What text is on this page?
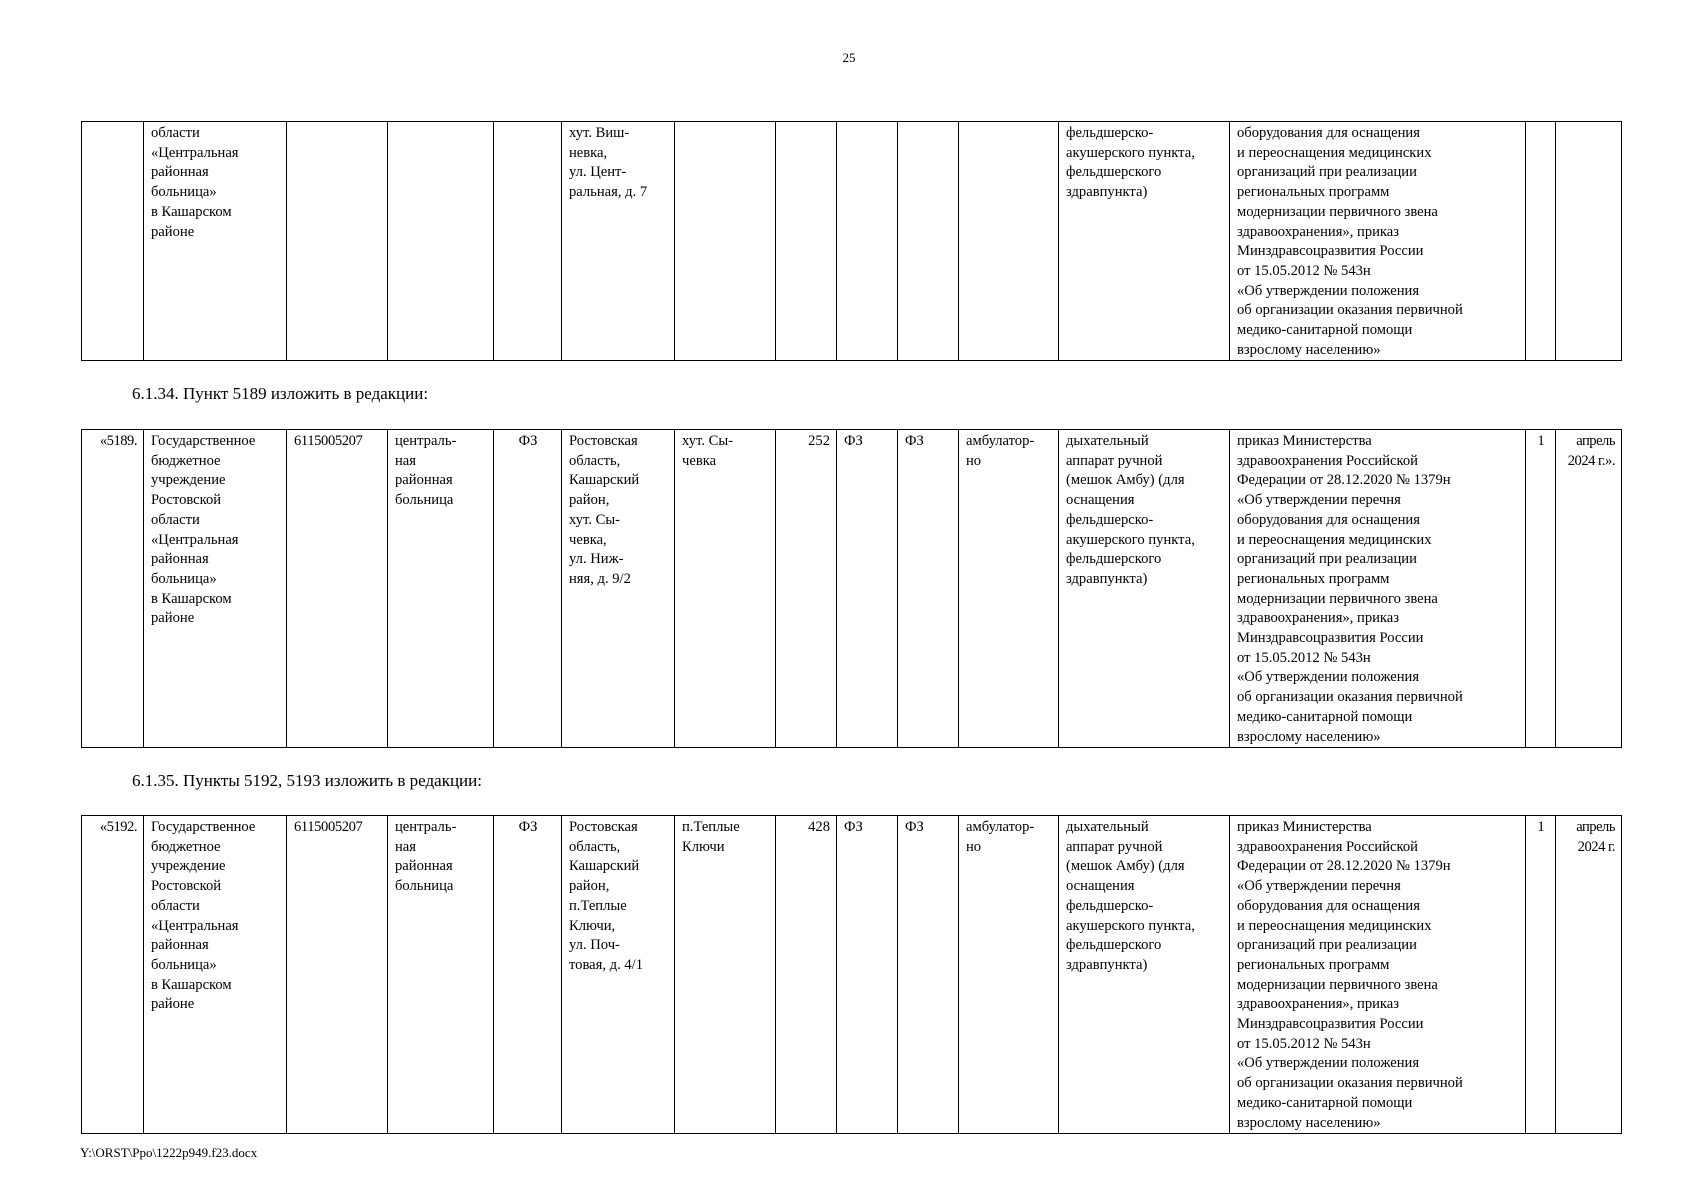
25
	области
«Центральная
районная
больница»
в Кашарском
районе				хут. Виш-
невка,
ул. Цент-
ральная, д. 7						фельдшерско-
акушерского пункта,
фельдшерского
здравпункта)	оборудования для оснащения
и переоснащения медицинских
организаций при реализации
региональных программ
модернизации первичного звена
здравоохранения», приказ
Минздравсоцразвития России
от 15.05.2012 № 543н
«Об утверждении положения
об организации оказания первичной
медико-санитарной помощи
взрослому населению»		
6.1.34. Пункт 5189 изложить в редакции:
«5189.	Государственное
бюджетное
учреждение
Ростовской
области
«Центральная
районная
больница»
в Кашарском
районе	6115005207	централь-
ная
районная
больница	ФЗ	Ростовская
область,
Кашарский
район,
хут. Сы-
чевка,
ул. Ниж-
няя, д. 9/2	хут. Сы-
чевка	252	ФЗ	ФЗ	амбулатор-
но	дыхательный
аппарат ручной
(мешок Амбу) (для
оснащения
фельдшерско-
акушерского пункта,
фельдшерского
здравпункта)	приказ Министерства
здравоохранения Российской
Федерации от 28.12.2020 № 1379н
«Об утверждении перечня
оборудования для оснащения
и переоснащения медицинских
организаций при реализации
региональных программ
модернизации первичного звена
здравоохранения», приказ
Минздравсоцразвития России
от 15.05.2012 № 543н
«Об утверждении положения
об организации оказания первичной
медико-санитарной помощи
взрослому населению»	1	апрель
2024 г.».
6.1.35. Пункты 5192, 5193 изложить в редакции:
«5192.	Государственное
бюджетное
учреждение
Ростовской
области
«Центральная
районная
больница»
в Кашарском
районе	6115005207	централь-
ная
районная
больница	ФЗ	Ростовская
область,
Кашарский
район,
п.Теплые
Ключи,
ул. Поч-
товая, д. 4/1	п.Теплые
Ключи	428	ФЗ	ФЗ	амбулатор-
но	дыхательный
аппарат ручной
(мешок Амбу) (для
оснащения
фельдшерско-
акушерского пункта,
фельдшерского
здравпункта)	приказ Министерства
здравоохранения Российской
Федерации от 28.12.2020 № 1379н
«Об утверждении перечня
оборудования для оснащения
и переоснащения медицинских
организаций при реализации
региональных программ
модернизации первичного звена
здравоохранения», приказ
Минздравсоцразвития России
от 15.05.2012 № 543н
«Об утверждении положения
об организации оказания первичной
медико-санитарной помощи
взрослому населению»	1	апрель
2024 г.
Y:\ORST\Ppo\1222p949.f23.docx
